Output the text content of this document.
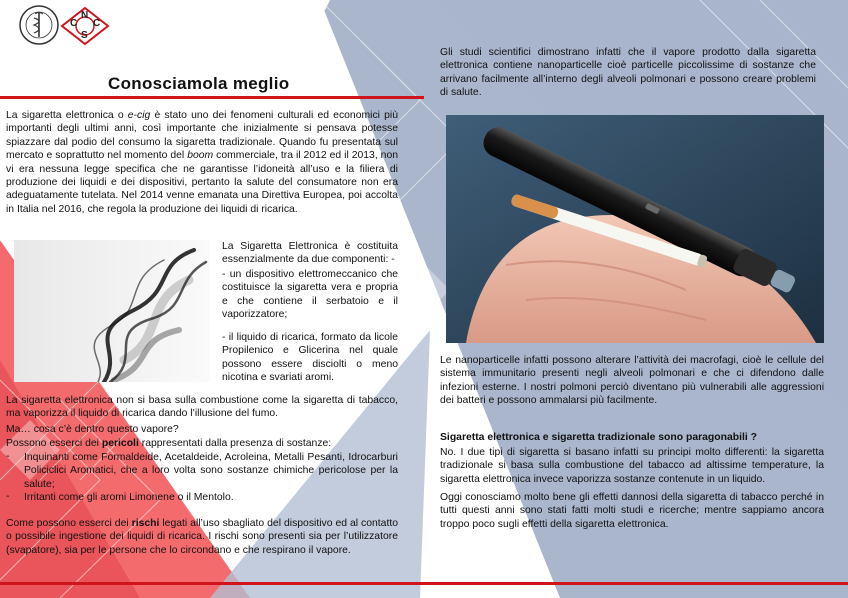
C
N
S
C
Conosciamola meglio

La sigaretta elettronica o e-cig è stato uno dei fenomeni culturali ed economici più importanti degli ultimi anni, così importante che inizialmente si pensava potesse spiazzare dal podio del consumo la sigaretta tradizionale. Quando fu presentata sul mercato e soprattutto nel momento del boom commerciale, tra il 2012 ed il 2013, non vi era nessuna legge specifica che ne garantisse l’idoneità all’uso e la filiera di produzione dei liquidi e dei dispositivi, pertanto la salute del consumatore non era adeguatamente tutelata. Nel 2014 venne emanata una Direttiva Europea, poi accolta in Italia nel 2016, che regola la produzione dei liquidi di ricarica.

La Sigaretta Elettronica è costituita essenzialmente da due componenti: -

- un dispositivo elettromeccanico che costituisce la sigaretta vera e propria e che contiene il serbatoio e il vaporizzatore;

- il liquido di ricarica, formato da licole Propilenico e Glicerina nel quale possono essere disciolti o meno nicotina e svariati aromi.

La sigaretta elettronica non si basa sulla combustione come la sigaretta di tabacco, ma vaporizza il liquido di ricarica dando l’illusione del fumo.

Ma… cosa c’è dentro questo vapore?

Possono esserci dei pericoli rappresentati dalla presenza di sostanze:

-	Inquinanti come Formaldeide, Acetaldeide, Acroleina, Metalli Pesanti, Idrocarburi Policiclici Aromatici, che a loro volta sono sostanze chimiche pericolose per la salute;

-	Irritanti come gli aromi Limonene o il Mentolo.

Come possono esserci dei rischi legati all’uso sbagliato del dispositivo ed al contatto o possibile ingestione dei liquidi di ricarica. I rischi sono presenti sia per l’utilizzatore (svapatore), sia per le persone che lo circondano e che respirano il vapore.

Gli studi scientifici dimostrano infatti che il vapore prodotto dalla sigaretta elettronica contiene nanoparticelle cioè particelle piccolissime di sostanze che arrivano facilmente all’interno degli alveoli polmonari e possono creare problemi di salute.

Le nanoparticelle infatti possono alterare l’attività dei macrofagi, cioè le cellule del sistema immunitario presenti negli alveoli polmonari e che ci difendono dalle infezioni esterne. I nostri polmoni perciò diventano più vulnerabili alle aggressioni dei batteri e possono ammalarsi più facilmente.

Sigaretta elettronica e sigaretta tradizionale sono paragonabili ?

No. I due tipi di sigaretta si basano infatti su principi molto differenti: la sigaretta tradizionale si basa sulla combustione del tabacco ad altissime temperature, la sigaretta elettronica invece vaporizza sostanze contenute in un liquido.

Oggi conosciamo molto bene gli effetti dannosi della sigaretta di tabacco perché in tutti questi anni sono stati fatti molti studi e ricerche; mentre sappiamo ancora troppo poco sugli effetti della sigaretta elettronica.
